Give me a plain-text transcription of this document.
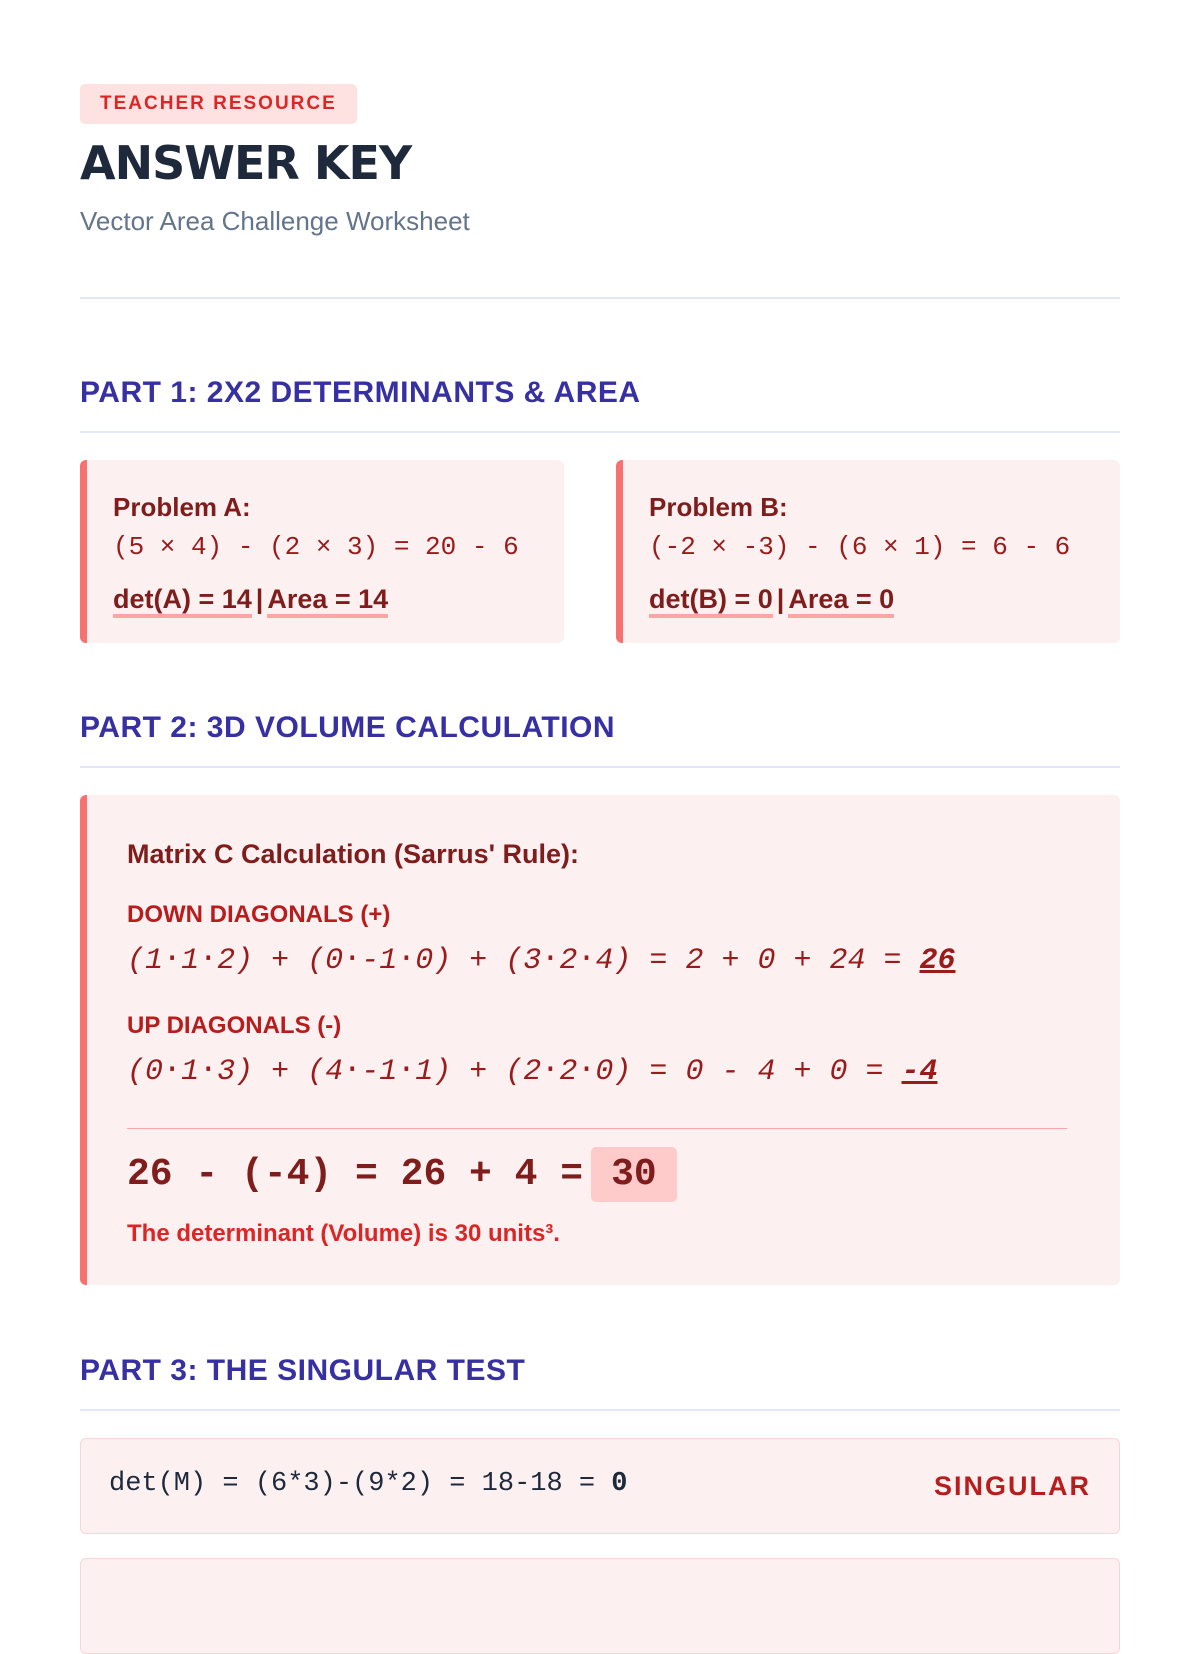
TEACHER RESOURCE
ANSWER KEY
Vector Area Challenge Worksheet
PART 1: 2X2 DETERMINANTS & AREA
Problem A:
(5 × 4) - (2 × 3) = 20 - 6
det(A) = 14 | Area = 14
Problem B:
(-2 × -3) - (6 × 1) = 6 - 6
det(B) = 0 | Area = 0
PART 2: 3D VOLUME CALCULATION
Matrix C Calculation (Sarrus' Rule):
DOWN DIAGONALS (+)
(1⋅1⋅2) + (0⋅-1⋅0) + (3⋅2⋅4) = 2 + 0 + 24 = 26
UP DIAGONALS (-)
(0⋅1⋅3) + (4⋅-1⋅1) + (2⋅2⋅0) = 0 - 4 + 0 = -4
26 - (-4) = 26 + 4 = 30
The determinant (Volume) is 30 units³.
PART 3: THE SINGULAR TEST
det(M) = (6*3)-(9*2) = 18-18 = 0	SINGULAR
